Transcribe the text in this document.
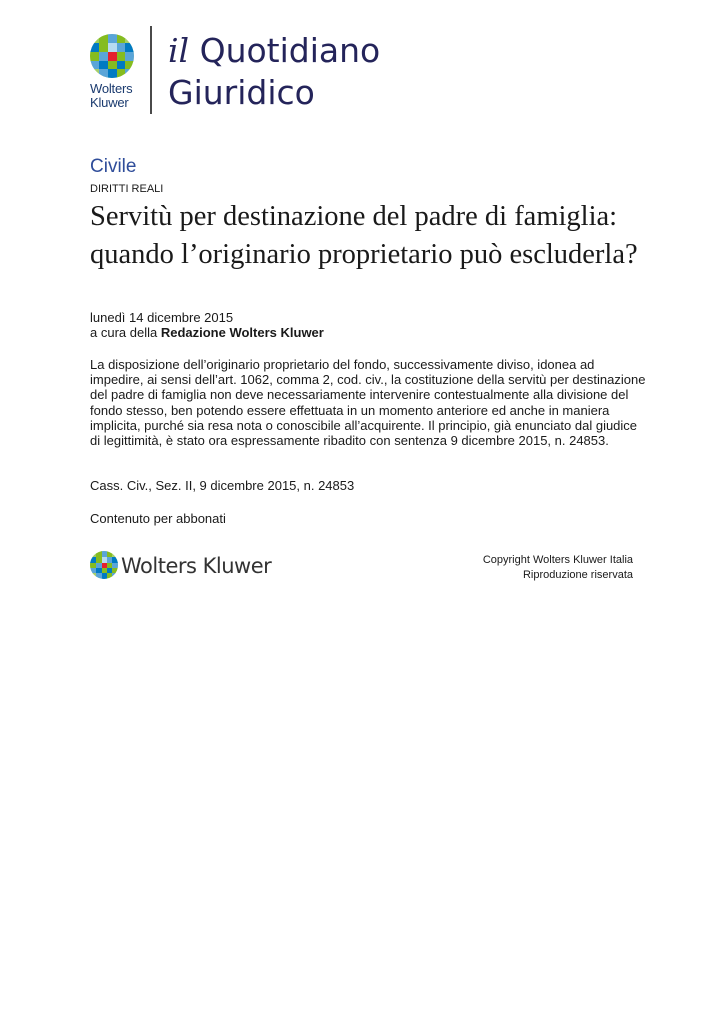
Wolters
Kluwer
il Quotidiano
Giuridico
Civile
DIRITTI REALI
Servitù per destinazione del padre di famiglia: quando l’originario proprietario può escluderla?
lunedì 14 dicembre 2015
a cura della Redazione Wolters Kluwer

La disposizione dell’originario proprietario del fondo, successivamente diviso, idonea ad impedire, ai sensi dell’art. 1062, comma 2, cod. civ., la costituzione della servitù per destinazione del padre di famiglia non deve necessariamente intervenire contestualmente alla divisione del fondo stesso, ben potendo essere effettuata in un momento anteriore ed anche in maniera implicita, purché sia resa nota o conoscibile all’acquirente. Il principio, già enunciato dal giudice di legittimità, è stato ora espressamente ribadito con sentenza 9 dicembre 2015, n. 24853.

Cass. Civ., Sez. II, 9 dicembre 2015, n. 24853
Contenuto per abbonati
Wolters Kluwer	Copyright Wolters Kluwer Italia
Riproduzione riservata
